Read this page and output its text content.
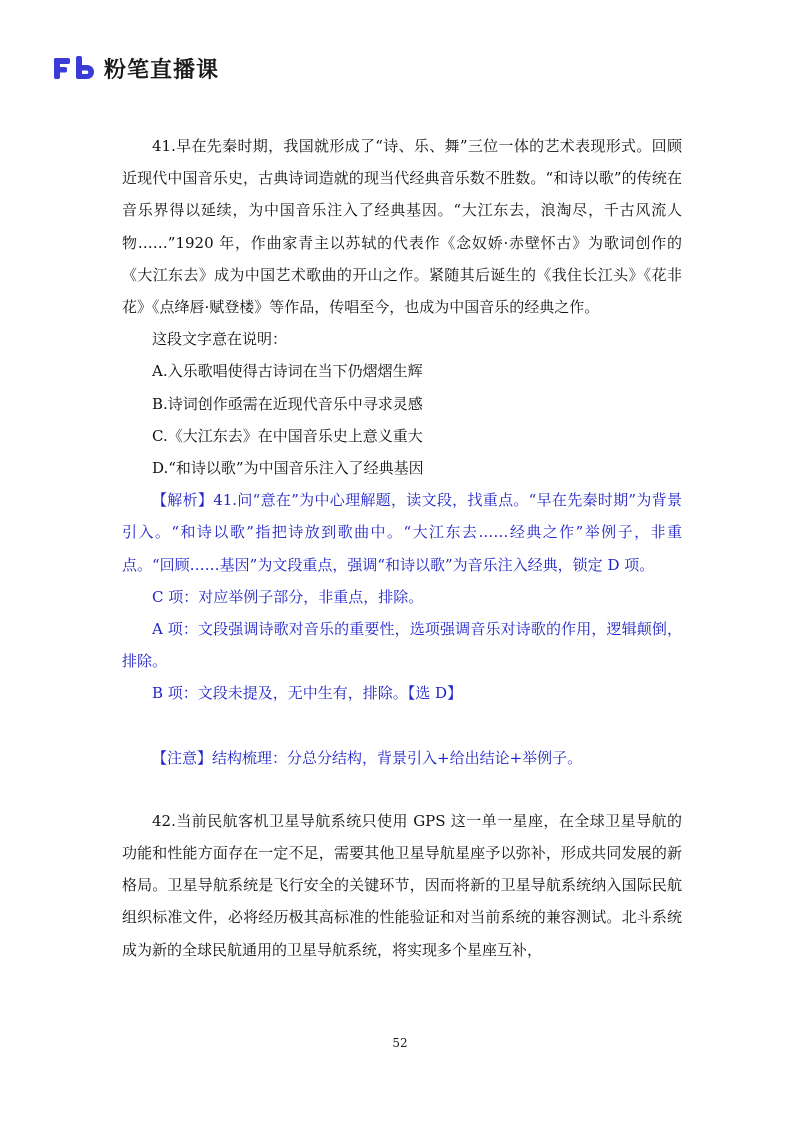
粉笔直播课

41.早在先秦时期，我国就形成了“诗、乐、舞”三位一体的艺术表现形式。回顾近现代中国音乐史，古典诗词造就的现当代经典音乐数不胜数。“和诗以歌”的传统在音乐界得以延续，为中国音乐注入了经典基因。“大江东去，浪淘尽，千古风流人物……”1920 年，作曲家青主以苏轼的代表作《念奴娇·赤壁怀古》为歌词创作的《大江东去》成为中国艺术歌曲的开山之作。紧随其后诞生的《我住长江头》《花非花》《点绛唇·赋登楼》等作品，传唱至今，也成为中国音乐的经典之作。

这段文字意在说明：

A.入乐歌唱使得古诗词在当下仍熠熠生辉

B.诗词创作亟需在近现代音乐中寻求灵感

C.《大江东去》在中国音乐史上意义重大

D.“和诗以歌”为中国音乐注入了经典基因

【解析】41.问“意在”为中心理解题，读文段，找重点。“早在先秦时期”为背景引入。“和诗以歌”指把诗放到歌曲中。“大江东去……经典之作”举例子，非重点。“回顾……基因”为文段重点，强调“和诗以歌”为音乐注入经典，锁定 D 项。

C 项：对应举例子部分，非重点，排除。

A 项：文段强调诗歌对音乐的重要性，选项强调音乐对诗歌的作用，逻辑颠倒，排除。

B 项：文段未提及，无中生有，排除。【选 D】

【注意】结构梳理：分总分结构，背景引入+给出结论+举例子。

42.当前民航客机卫星导航系统只使用 GPS 这一单一星座，在全球卫星导航的功能和性能方面存在一定不足，需要其他卫星导航星座予以弥补，形成共同发展的新格局。卫星导航系统是飞行安全的关键环节，因而将新的卫星导航系统纳入国际民航组织标准文件，必将经历极其高标准的性能验证和对当前系统的兼容测试。北斗系统成为新的全球民航通用的卫星导航系统，将实现多个星座互补，

52
